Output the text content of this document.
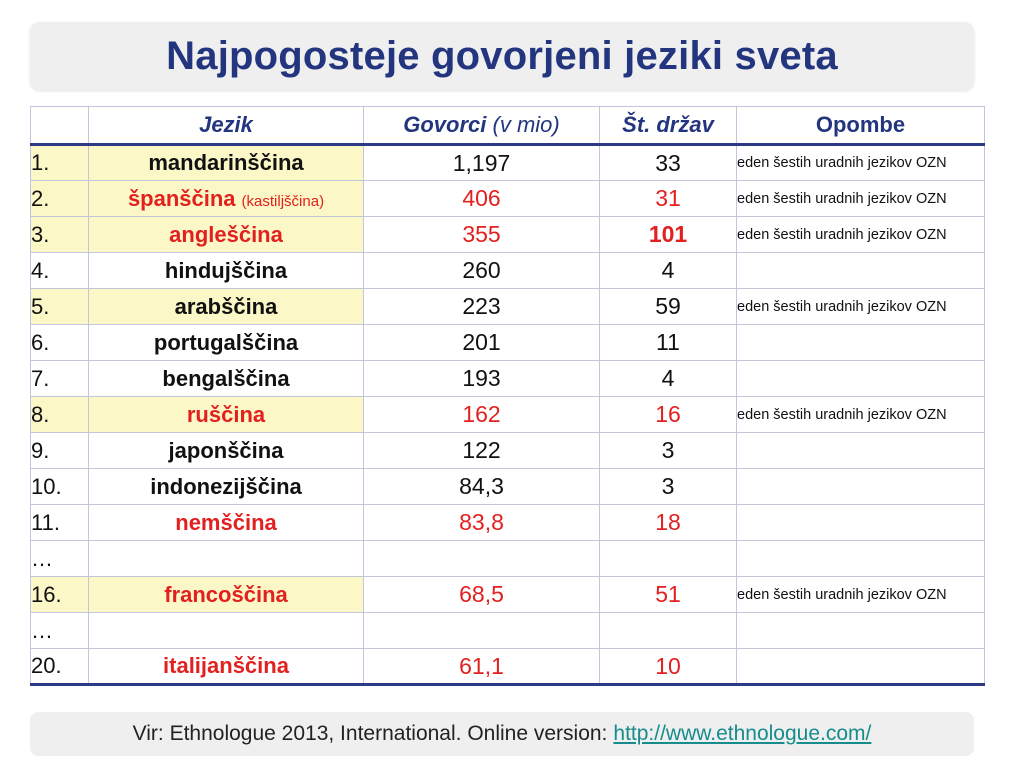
Najpogosteje govorjeni jeziki sveta
	Jezik	Govorci (v mio)	Št. držav	Opombe
1.	mandarinščina	1,197	33	eden šestih uradnih jezikov OZN
2.	španščina (kastiljščina)	406	31	eden šestih uradnih jezikov OZN
3.	angleščina	355	101	eden šestih uradnih jezikov OZN
4.	hindujščina	260	4	
5.	arabščina	223	59	eden šestih uradnih jezikov OZN
6.	portugalščina	201	11	
7.	bengalščina	193	4	
8.	ruščina	162	16	eden šestih uradnih jezikov OZN
9.	japonščina	122	3	
10.	indonezijščina	84,3	3	
11.	nemščina	83,8	18	
…				
16.	francoščina	68,5	51	eden šestih uradnih jezikov OZN
…				
20.	italijanščina	61,1	10	
Vir: Ethnologue 2013, International. Online version: http://www.ethnologue.com/
